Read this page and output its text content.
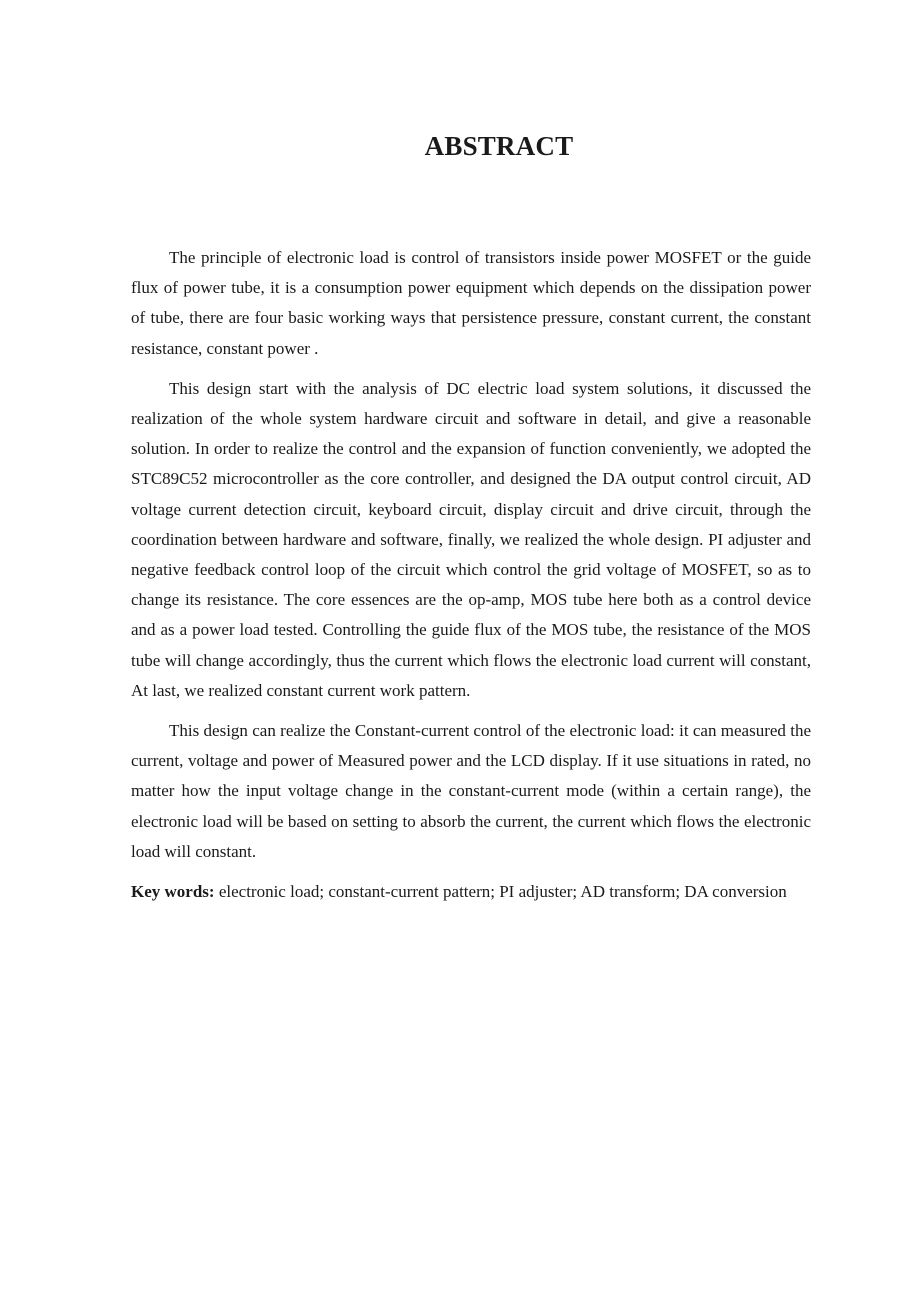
ABSTRACT

The principle of electronic load is control of transistors inside power MOSFET or the guide flux of power tube, it is a consumption power equipment which depends on the dissipation power of tube, there are four basic working ways that persistence pressure, constant current, the constant resistance, constant power .

This design start with the analysis of DC electric load system solutions, it discussed the realization of the whole system hardware circuit and software in detail, and give a reasonable solution. In order to realize the control and the expansion of function conveniently, we adopted the STC89C52 microcontroller as the core controller, and designed the DA output control circuit, AD voltage current detection circuit, keyboard circuit, display circuit and drive circuit, through the coordination between hardware and software, finally, we realized the whole design. PI adjuster and negative feedback control loop of the circuit which control the grid voltage of MOSFET, so as to change its resistance. The core essences are the op-amp, MOS tube here both as a control device and as a power load tested. Controlling the guide flux of the MOS tube, the resistance of the MOS tube will change accordingly, thus the current which flows the electronic load current will constant, At last, we realized constant current work pattern.

This design can realize the Constant-current control of the electronic load: it can measured the current, voltage and power of Measured power and the LCD display. If it use situations in rated, no matter how the input voltage change in the constant-current mode (within a certain range), the electronic load will be based on setting to absorb the current, the current which flows the electronic load will constant.

Key words: electronic load; constant-current pattern; PI adjuster; AD transform; DA conversion
